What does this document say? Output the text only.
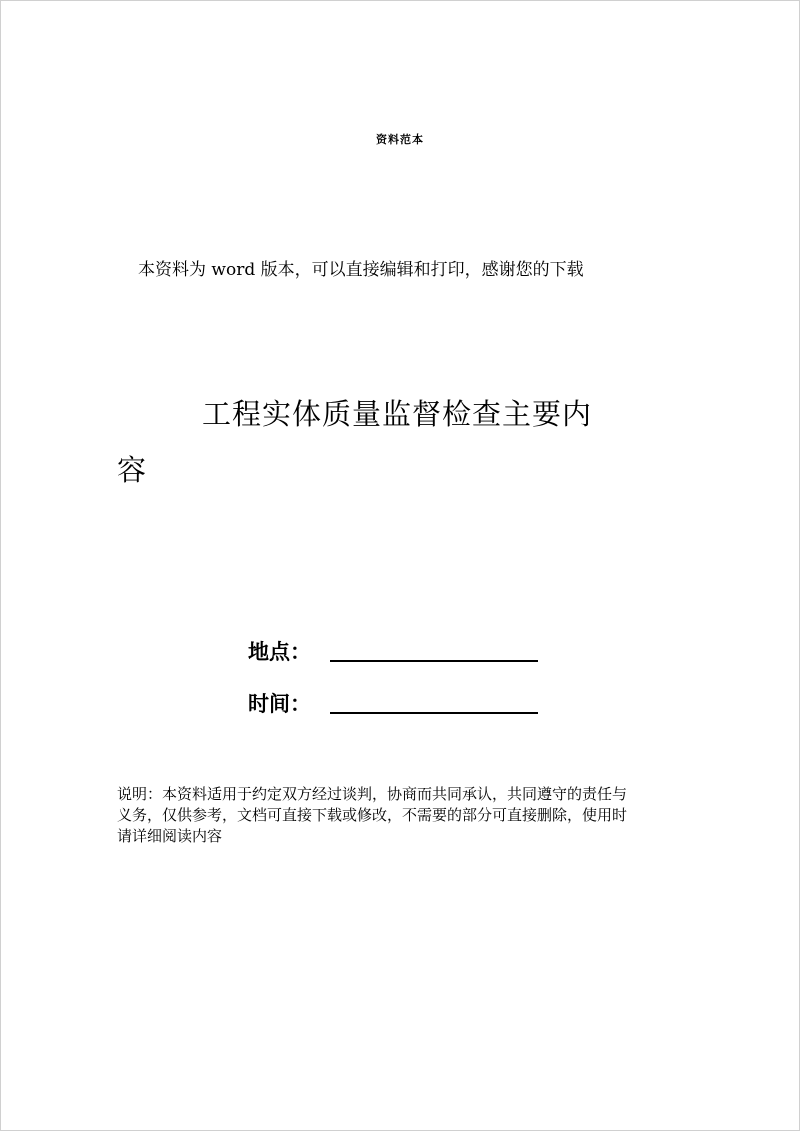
资料范本
本资料为 word 版本，可以直接编辑和打印，感谢您的下载
工程实体质量监督检查主要内
容
地点：
时间：
说明：本资料适用于约定双方经过谈判，协商而共同承认，共同遵守的责任与
义务，仅供参考，文档可直接下载或修改，不需要的部分可直接删除，使用时
请详细阅读内容
